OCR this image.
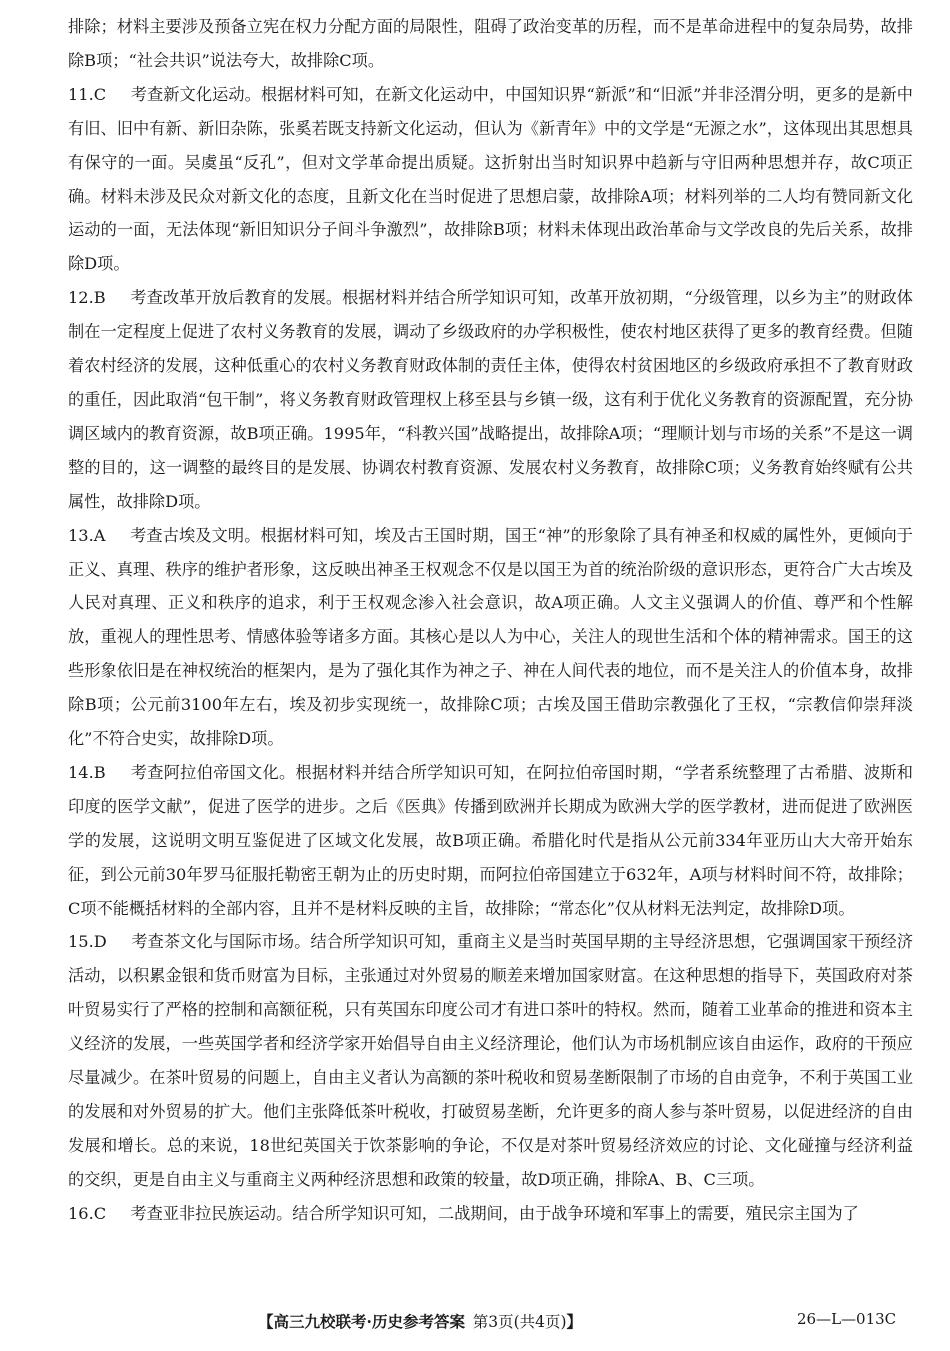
排除；材料主要涉及预备立宪在权力分配方面的局限性，阻碍了政治变革的历程，而不是革命进程中的复杂局势，故排除B项；“社会共识”说法夸大，故排除C项。

11.C　  考查新文化运动。根据材料可知，在新文化运动中，中国知识界“新派”和“旧派”并非泾渭分明，更多的是新中有旧、旧中有新、新旧杂陈，张奚若既支持新文化运动，但认为《新青年》中的文学是“无源之水”，这体现出其思想具有保守的一面。吴虞虽“反孔”，但对文学革命提出质疑。这折射出当时知识界中趋新与守旧两种思想并存，故C项正确。材料未涉及民众对新文化的态度，且新文化在当时促进了思想启蒙，故排除A项；材料列举的二人均有赞同新文化运动的一面，无法体现“新旧知识分子间斗争激烈”，故排除B项；材料未体现出政治革命与文学改良的先后关系，故排除D项。

12.B　  考查改革开放后教育的发展。根据材料并结合所学知识可知，改革开放初期，“分级管理，以乡为主”的财政体制在一定程度上促进了农村义务教育的发展，调动了乡级政府的办学积极性，使农村地区获得了更多的教育经费。但随着农村经济的发展，这种低重心的农村义务教育财政体制的责任主体，使得农村贫困地区的乡级政府承担不了教育财政的重任，因此取消“包干制”，将义务教育财政管理权上移至县与乡镇一级，这有利于优化义务教育的资源配置，充分协调区域内的教育资源，故B项正确。1995年，“科教兴国”战略提出，故排除A项；“理顺计划与市场的关系”不是这一调整的目的，这一调整的最终目的是发展、协调农村教育资源、发展农村义务教育，故排除C项；义务教育始终赋有公共属性，故排除D项。

13.A　  考查古埃及文明。根据材料可知，埃及古王国时期，国王“神”的形象除了具有神圣和权威的属性外，更倾向于正义、真理、秩序的维护者形象，这反映出神圣王权观念不仅是以国王为首的统治阶级的意识形态，更符合广大古埃及人民对真理、正义和秩序的追求，利于王权观念渗入社会意识，故A项正确。人文主义强调人的价值、尊严和个性解放，重视人的理性思考、情感体验等诸多方面。其核心是以人为中心，关注人的现世生活和个体的精神需求。国王的这些形象依旧是在神权统治的框架内，是为了强化其作为神之子、神在人间代表的地位，而不是关注人的价值本身，故排除B项；公元前3100年左右，埃及初步实现统一，故排除C项；古埃及国王借助宗教强化了王权，“宗教信仰崇拜淡化”不符合史实，故排除D项。

14.B　  考查阿拉伯帝国文化。根据材料并结合所学知识可知，在阿拉伯帝国时期，“学者系统整理了古希腊、波斯和印度的医学文献”，促进了医学的进步。之后《医典》传播到欧洲并长期成为欧洲大学的医学教材，进而促进了欧洲医学的发展，这说明文明互鉴促进了区域文化发展，故B项正确。希腊化时代是指从公元前334年亚历山大大帝开始东征，到公元前30年罗马征服托勒密王朝为止的历史时期，而阿拉伯帝国建立于632年，A项与材料时间不符，故排除；C项不能概括材料的全部内容，且并不是材料反映的主旨，故排除；“常态化”仅从材料无法判定，故排除D项。

15.D　  考查茶文化与国际市场。结合所学知识可知，重商主义是当时英国早期的主导经济思想，它强调国家干预经济活动，以积累金银和货币财富为目标，主张通过对外贸易的顺差来增加国家财富。在这种思想的指导下，英国政府对茶叶贸易实行了严格的控制和高额征税，只有英国东印度公司才有进口茶叶的特权。然而，随着工业革命的推进和资本主义经济的发展，一些英国学者和经济学家开始倡导自由主义经济理论，他们认为市场机制应该自由运作，政府的干预应尽量减少。在茶叶贸易的问题上，自由主义者认为高额的茶叶税收和贸易垄断限制了市场的自由竞争，不利于英国工业的发展和对外贸易的扩大。他们主张降低茶叶税收，打破贸易垄断，允许更多的商人参与茶叶贸易，以促进经济的自由发展和增长。总的来说，18世纪英国关于饮茶影响的争论，不仅是对茶叶贸易经济效应的讨论、文化碰撞与经济利益的交织，更是自由主义与重商主义两种经济思想和政策的较量，故D项正确，排除A、B、C三项。

16.C　  考查亚非拉民族运动。结合所学知识可知，二战期间，由于战争环境和军事上的需要，殖民宗主国为了

【高三九校联考·历史参考答案  第3页(共4页)】	26—L—013C
